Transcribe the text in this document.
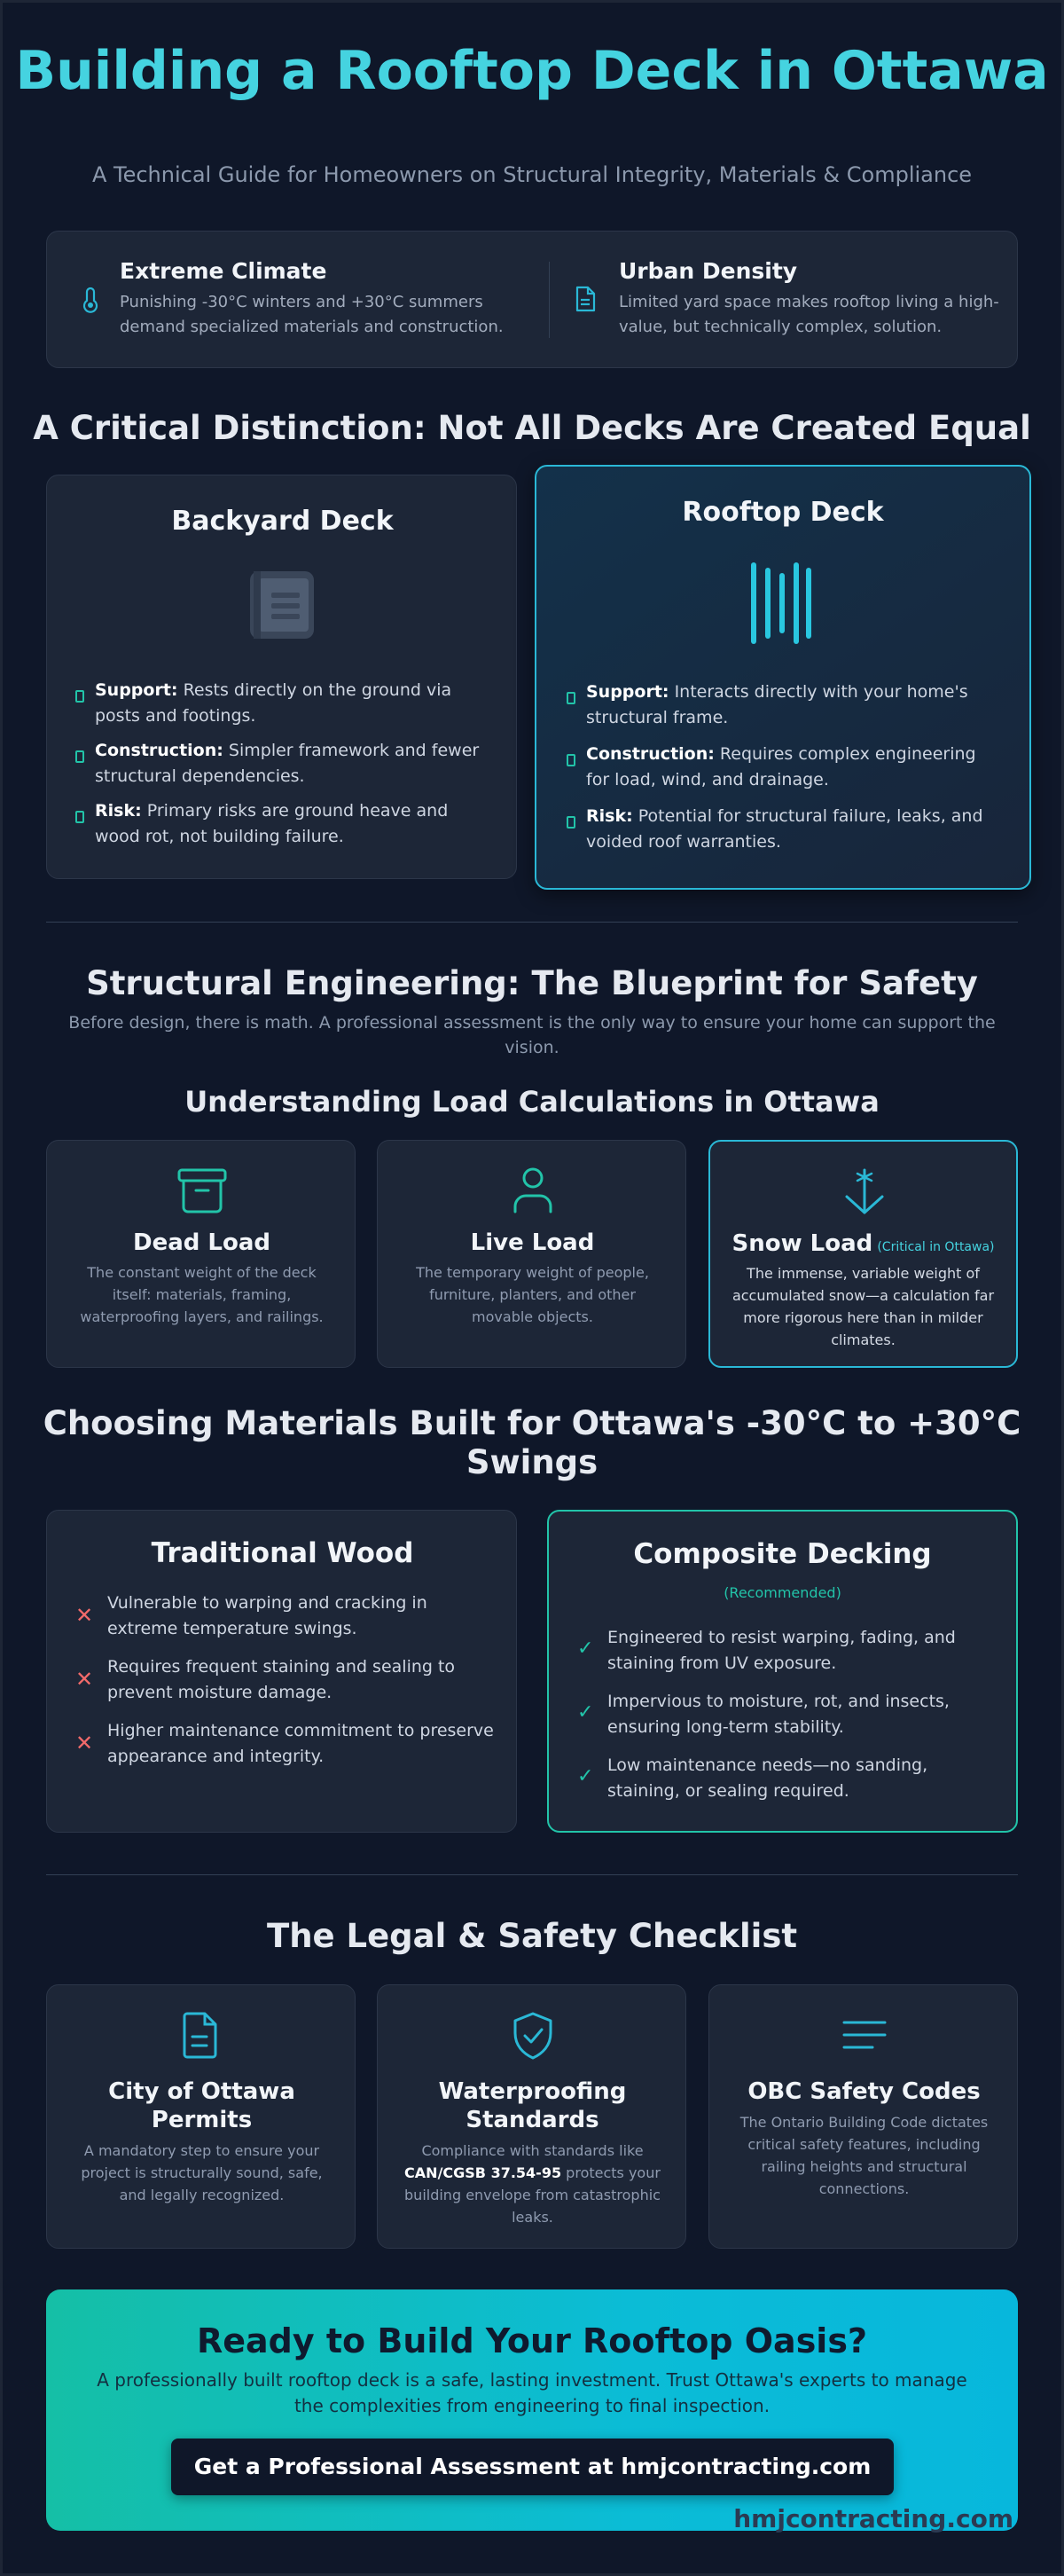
Building a Rooftop Deck in Ottawa
A Technical Guide for Homeowners on Structural Integrity, Materials & Compliance
Extreme Climate
Punishing -30°C winters and +30°C summers demand specialized materials and construction.
Urban Density
Limited yard space makes rooftop living a high-value, but technically complex, solution.
A Critical Distinction: Not All Decks Are Created Equal
Backyard Deck
Support: Rests directly on the ground via posts and footings.
Construction: Simpler framework and fewer structural dependencies.
Risk: Primary risks are ground heave and wood rot, not building failure.
Rooftop Deck
Support: Interacts directly with your home's structural frame.
Construction: Requires complex engineering for load, wind, and drainage.
Risk: Potential for structural failure, leaks, and voided roof warranties.
Structural Engineering: The Blueprint for Safety
Before design, there is math. A professional assessment is the only way to ensure your home can support the vision.
Understanding Load Calculations in Ottawa
Dead Load
The constant weight of the deck itself: materials, framing, waterproofing layers, and railings.
Live Load
The temporary weight of people, furniture, planters, and other movable objects.
Snow Load (Critical in Ottawa)
The immense, variable weight of accumulated snow—a calculation far more rigorous here than in milder climates.
Choosing Materials Built for Ottawa's -30°C to +30°C Swings
Traditional Wood
✕ Vulnerable to warping and cracking in extreme temperature swings.
✕ Requires frequent staining and sealing to prevent moisture damage.
✕ Higher maintenance commitment to preserve appearance and integrity.
Composite Decking
(Recommended)
✓ Engineered to resist warping, fading, and staining from UV exposure.
✓ Impervious to moisture, rot, and insects, ensuring long-term stability.
✓ Low maintenance needs—no sanding, staining, or sealing required.
The Legal & Safety Checklist
City of Ottawa Permits
A mandatory step to ensure your project is structurally sound, safe, and legally recognized.
Waterproofing Standards
Compliance with standards like CAN/CGSB 37.54-95 protects your building envelope from catastrophic leaks.
OBC Safety Codes
The Ontario Building Code dictates critical safety features, including railing heights and structural connections.
Ready to Build Your Rooftop Oasis?
A professionally built rooftop deck is a safe, lasting investment. Trust Ottawa's experts to manage the complexities from engineering to final inspection.
Get a Professional Assessment at hmjcontracting.com
hmjcontracting.com
